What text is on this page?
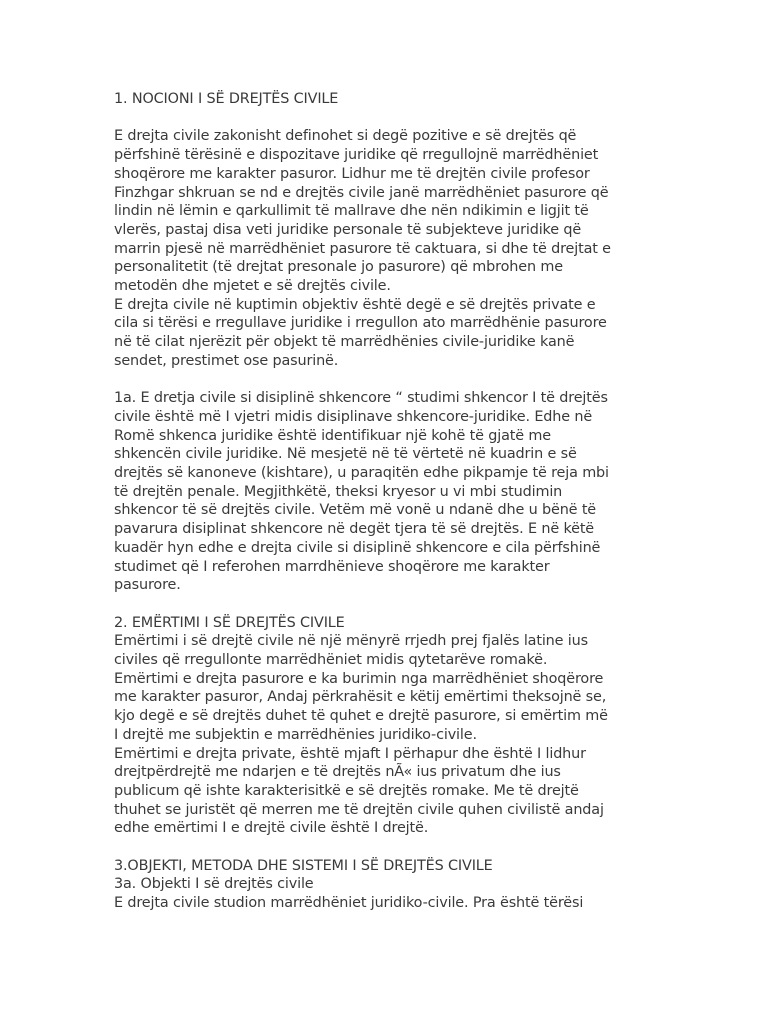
1. NOCIONI I SË DREJTËS CIVILE

E drejta civile zakonisht definohet si degë pozitive e së drejtës që
përfshinë tërësinë e dispozitave juridike që rregullojnë marrëdhëniet
shoqërore me karakter pasuror. Lidhur me të drejtën civile profesor
Finzhgar shkruan se nd e drejtës civile janë marrëdhëniet pasurore që
lindin në lëmin e qarkullimit të mallrave dhe nën ndikimin e ligjit të
vlerës, pastaj disa veti juridike personale të subjekteve juridike që
marrin pjesë në marrëdhëniet pasurore të caktuara, si dhe të drejtat e
personalitetit (të drejtat presonale jo pasurore) që mbrohen me
metodën dhe mjetet e së drejtës civile.

E drejta civile në kuptimin objektiv është degë e së drejtës private e
cila si tërësi e rregullave juridike i rregullon ato marrëdhënie pasurore
në të cilat njerëzit për objekt të marrëdhënies civile-juridike kanë
sendet, prestimet ose pasurinë.

1a. E dretja civile si disiplinë shkencore “ studimi shkencor I të drejtës
civile është më I vjetri midis disiplinave shkencore-juridike. Edhe në
Romë shkenca juridike është identifikuar një kohë të gjatë me
shkencën civile juridike. Në mesjetë në të vërtetë në kuadrin e së
drejtës së kanoneve (kishtare), u paraqitën edhe pikpamje të reja mbi
të drejtën penale. Megjithkëtë, theksi kryesor u vi mbi studimin
shkencor të së drejtës civile. Vetëm më vonë u ndanë dhe u bënë të
pavarura disiplinat shkencore në degët tjera të së drejtës. E në këtë
kuadër hyn edhe e drejta civile si disiplinë shkencore e cila përfshinë
studimet që I referohen marrdhënieve shoqërore me karakter
pasurore.

2. EMËRTIMI I SË DREJTËS CIVILE

Emërtimi i së drejtë civile në një mënyrë rrjedh prej fjalës latine ius
civiles që rregullonte marrëdhëniet midis qytetarëve romakë.
Emërtimi e drejta pasurore e ka burimin nga marrëdhëniet shoqërore
me karakter pasuror, Andaj përkrahësit e këtij emërtimi theksojnë se,
kjo degë e së drejtës duhet të quhet e drejtë pasurore, si emërtim më
I drejtë me subjektin e marrëdhënies juridiko-civile.
Emërtimi e drejta private, është mjaft I përhapur dhe është I lidhur
drejtpërdrejtë me ndarjen e të drejtës nÃ« ius privatum dhe ius
publicum që ishte karakterisitkë e së drejtës romake. Me të drejtë
thuhet se juristët që merren me të drejtën civile quhen civilistë andaj
edhe emërtimi I e drejtë civile është I drejtë.

3.OBJEKTI, METODA DHE SISTEMI I SË DREJTËS CIVILE
3a. Objekti I së drejtës civile

E drejta civile studion marrëdhëniet juridiko-civile. Pra është tërësi
